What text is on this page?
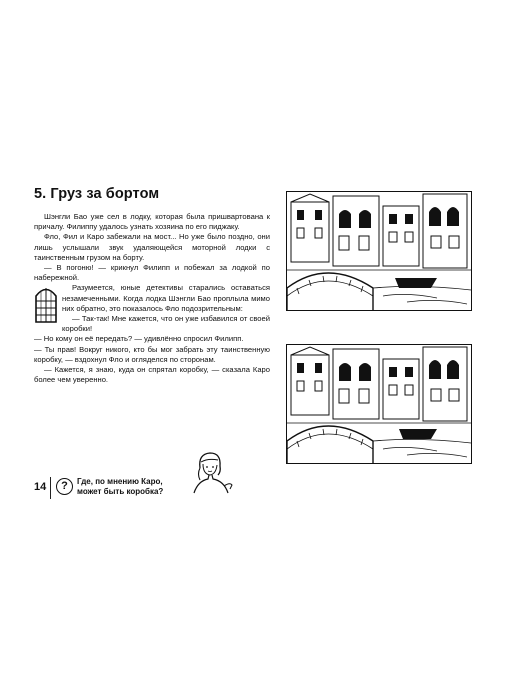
5. Груз за бортом

Шэнгли Бао уже сел в лодку, которая была пришвартована к причалу. Филиппу удалось узнать хозяина по его пиджаку.

Фло, Фил и Каро забежали на мост... Но уже было поздно, они лишь услышали звук удаляющейся моторной лодки с таинственным грузом на борту.

— В погоню! — крикнул Филипп и побежал за лодкой по набережной.

Разумеется, юные детективы старались оставаться незамеченными. Когда лодка Шэнгли Бао проплыла мимо них обратно, это показалось Фло подозрительным:

— Так-так! Мне кажется, что он уже избавился от своей коробки!

— Но кому он её передать? — удивлённо спросил Филипп.

— Ты прав! Вокруг никого, кто бы мог забрать эту таинственную коробку, — вздохнул Фло и огляделся по сторонам.

— Кажется, я знаю, куда он спрятал коробку, — сказала Каро более чем уверенно.

14	?	Где, по мнению Каро,
может быть коробка?
